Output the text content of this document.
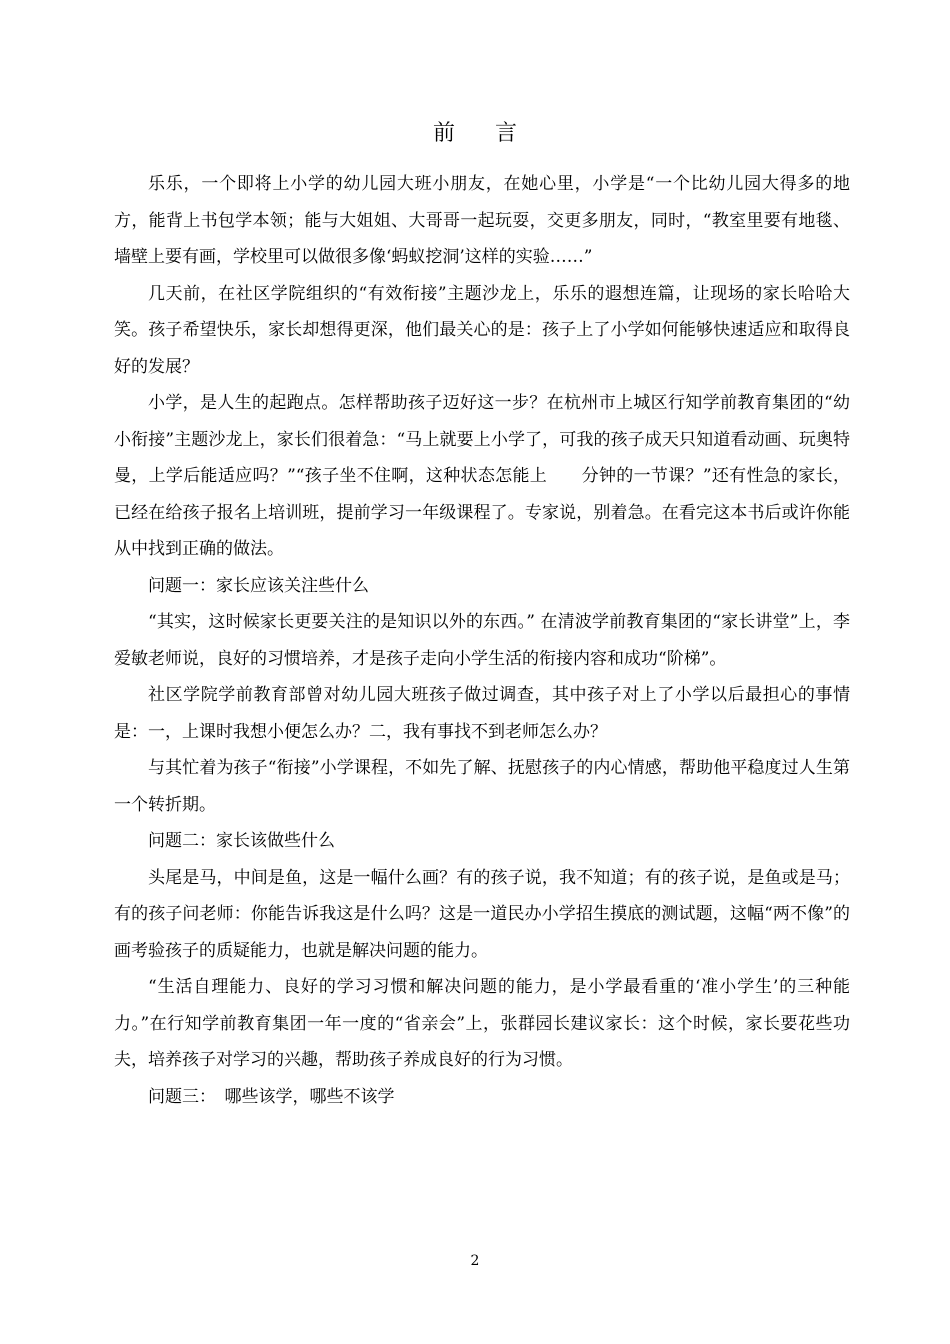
前 言

乐乐，一个即将上小学的幼儿园大班小朋友，在她心里，小学是“一个比幼儿园大得多的地方，能背上书包学本领；能与大姐姐、大哥哥一起玩耍，交更多朋友，同时，“教室里要有地毯、墙壁上要有画，学校里可以做很多像‘蚂蚁挖洞’这样的实验……”

几天前，在社区学院组织的“有效衔接”主题沙龙上，乐乐的遐想连篇，让现场的家长哈哈大笑。孩子希望快乐，家长却想得更深，他们最关心的是：孩子上了小学如何能够快速适应和取得良好的发展？

小学，是人生的起跑点。怎样帮助孩子迈好这一步？在杭州市上城区行知学前教育集团的“幼小衔接”主题沙龙上，家长们很着急：“马上就要上小学了，可我的孩子成天只知道看动画、玩奥特曼，上学后能适应吗？”“孩子坐不住啊，这种状态怎能上　　分钟的一节课？”还有性急的家长，已经在给孩子报名上培训班，提前学习一年级课程了。专家说，别着急。在看完这本书后或许你能从中找到正确的做法。

问题一：家长应该关注些什么

“其实，这时候家长更要关注的是知识以外的东西。” 在清波学前教育集团的“家长讲堂”上，李爱敏老师说，良好的习惯培养，才是孩子走向小学生活的衔接内容和成功“阶梯”。

社区学院学前教育部曾对幼儿园大班孩子做过调查，其中孩子对上了小学以后最担心的事情是：一，上课时我想小便怎么办？二，我有事找不到老师怎么办？

与其忙着为孩子“衔接”小学课程，不如先了解、抚慰孩子的内心情感，帮助他平稳度过人生第一个转折期。

问题二：家长该做些什么

头尾是马，中间是鱼，这是一幅什么画？有的孩子说，我不知道；有的孩子说，是鱼或是马；有的孩子问老师：你能告诉我这是什么吗？这是一道民办小学招生摸底的测试题，这幅“两不像”的画考验孩子的质疑能力，也就是解决问题的能力。

“生活自理能力、良好的学习习惯和解决问题的能力，是小学最看重的‘准小学生’的三种能力。”在行知学前教育集团一年一度的“省亲会”上，张群园长建议家长：这个时候，家长要花些功夫，培养孩子对学习的兴趣，帮助孩子养成良好的行为习惯。

问题三：　哪些该学，哪些不该学

2
